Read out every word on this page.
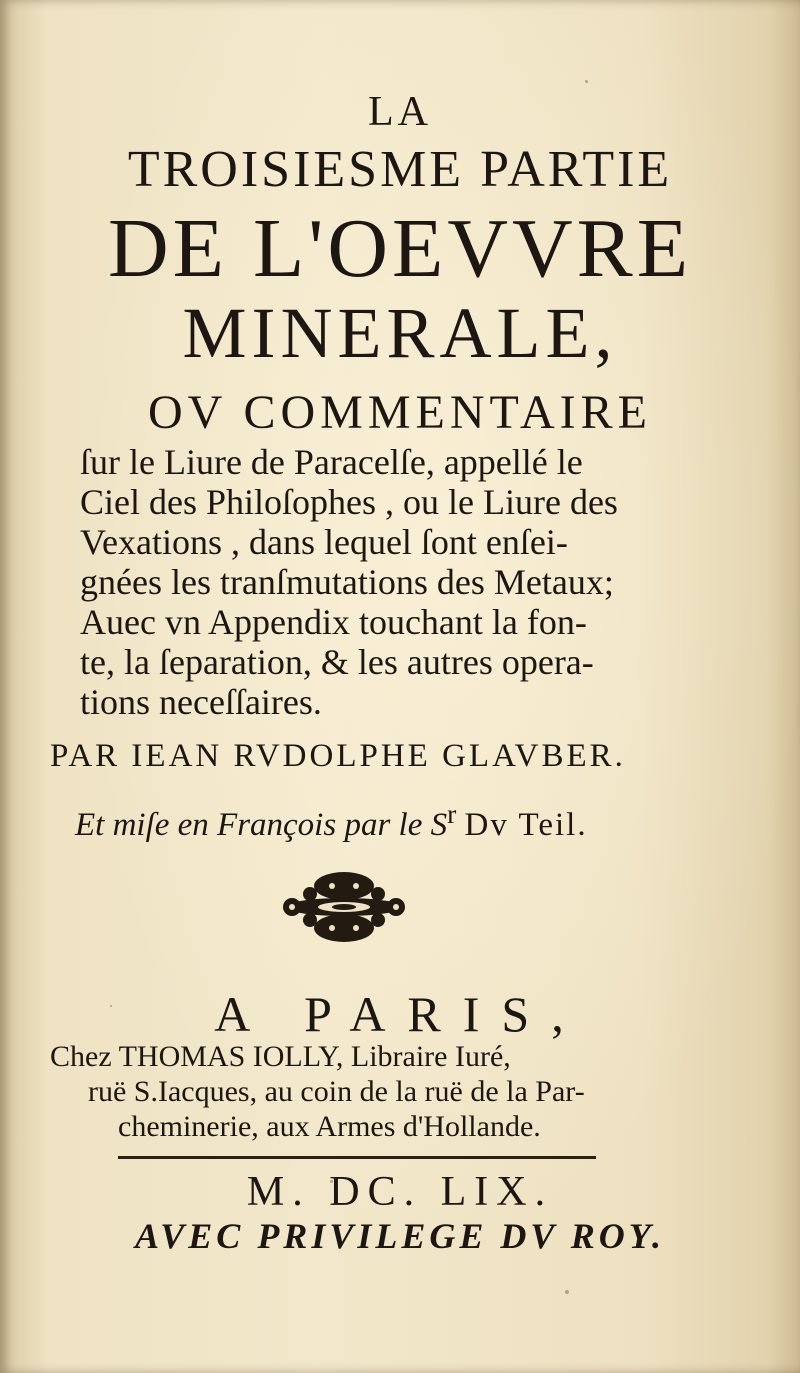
LA
TROISIESME PARTIE
DE L'OEVVRE
MINERALE,
OV COMMENTAIRE
ſur le Liure de Paracelſe, appellé le
Ciel des Philoſophes , ou le Liure des
Vexations , dans lequel ſont enſei-
gnées les tranſmutations des Metaux;
Auec vn Appendix touchant la fon-
te, la ſeparation, & les autres opera-
tions neceſſaires.
PAR IEAN RVDOLPHE GLAVBER.
Et miſe en François par le $S^r$ Dv Teil.
A PARIS,
Chez THOMAS IOLLY, Libraire Iuré,
ruë S.Iacques, au coin de la ruë de la Par-
cheminerie, aux Armes d'Hollande.
M. DC. LIX.
AVEC PRIVILEGE DV ROY.
